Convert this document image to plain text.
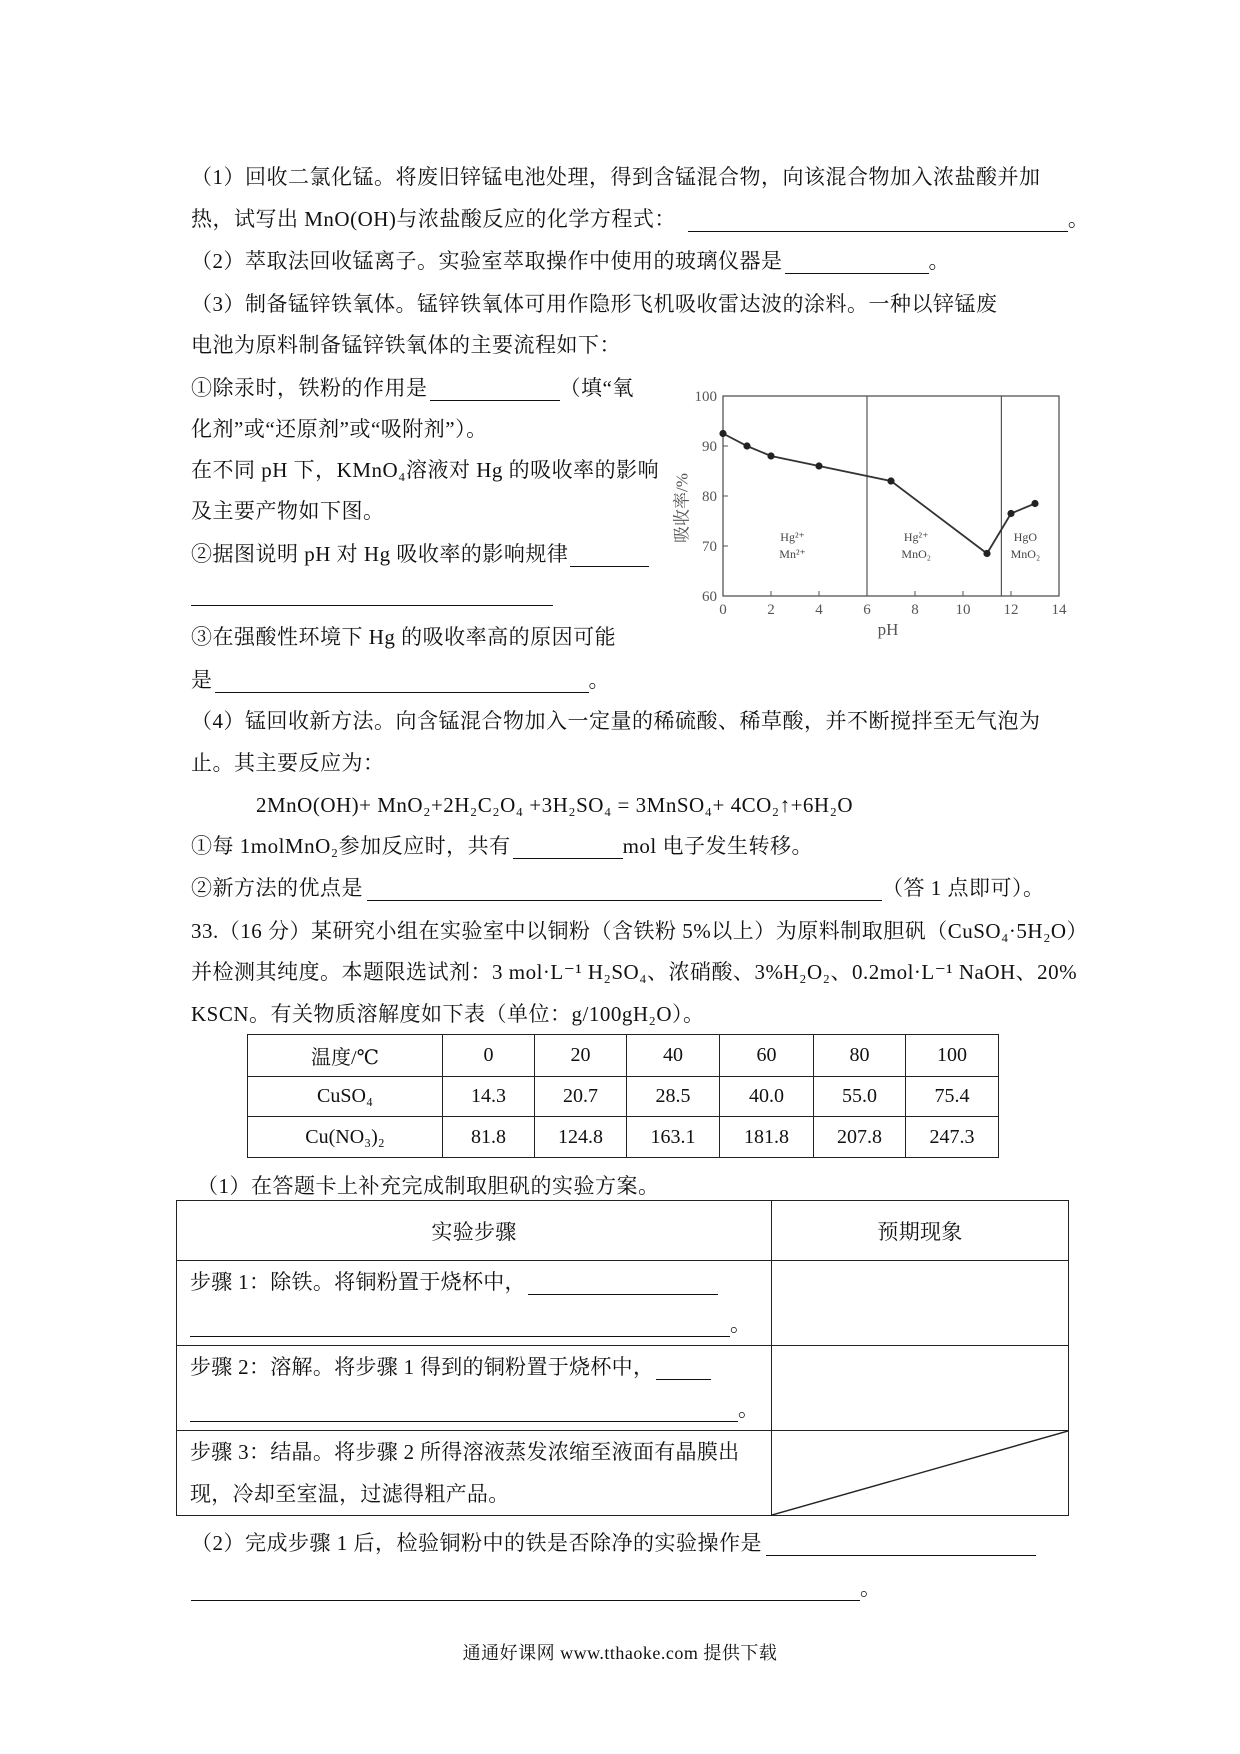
（1）回收二氯化锰。将废旧锌锰电池处理，得到含锰混合物，向该混合物加入浓盐酸并加
热，试写出 MnO(OH)与浓盐酸反应的化学方程式：	。
（2）萃取法回收锰离子。实验室萃取操作中使用的玻璃仪器是	。
（3）制备锰锌铁氧体。锰锌铁氧体可用作隐形飞机吸收雷达波的涂料。一种以锌锰废
电池为原料制备锰锌铁氧体的主要流程如下：
①除汞时，铁粉的作用是	（填“氧
化剂”或“还原剂”或“吸附剂”）。
在不同 pH 下，KMnO₄溶液对 Hg 的吸收率的影响
及主要产物如下图。
②据图说明 pH 对 Hg 吸收率的影响规律
③在强酸性环境下 Hg 的吸收率高的原因可能
是	。
吸收率/%
pH
0	2	4	6	8 10 12 14
60
70
80
90
100
Hg²⁺
Mn²⁺
Hg²⁺
MnO₂
HgO
MnO₂
（4）锰回收新方法。向含锰混合物加入一定量的稀硫酸、稀草酸，并不断搅拌至无气泡为
止。其主要反应为：
2MnO(OH)+ MnO₂+2H₂C₂O₄ +3H₂SO₄ = 3MnSO₄+ 4CO₂↑+6H₂O
①每 1molMnO₂参加反应时，共有	mol 电子发生转移。
②新方法的优点是	（答 1 点即可）。
33.（16 分）某研究小组在实验室中以铜粉（含铁粉 5%以上）为原料制取胆矾（CuSO₄·5H₂O）
并检测其纯度。本题限选试剂：3 mol·L⁻¹ H₂SO₄、浓硝酸、3%H₂O₂、0.2mol·L⁻¹ NaOH、20%
KSCN。有关物质溶解度如下表（单位：g/100gH₂O）。
温度/℃	0	20	40	60	80	100
CuSO₄	14.3	20.7	28.5	40.0	55.0	75.4
Cu(NO₃)₂	81.8	124.8	163.1	181.8	207.8	247.3
（1）在答题卡上补充完成制取胆矾的实验方案。
实验步骤	预期现象

步骤 1：除铁。将铜粉置于烧杯中，
。	

步骤 2：溶解。将步骤 1 得到的铜粉置于烧杯中，
。	

步骤 3：结晶。将步骤 2 所得溶液蒸发浓缩至液面有晶膜出
现，冷却至室温，过滤得粗产品。

（2）完成步骤 1 后，检验铜粉中的铁是否除净的实验操作是
。
通通好课网 www.tthaoke.com 提供下载
